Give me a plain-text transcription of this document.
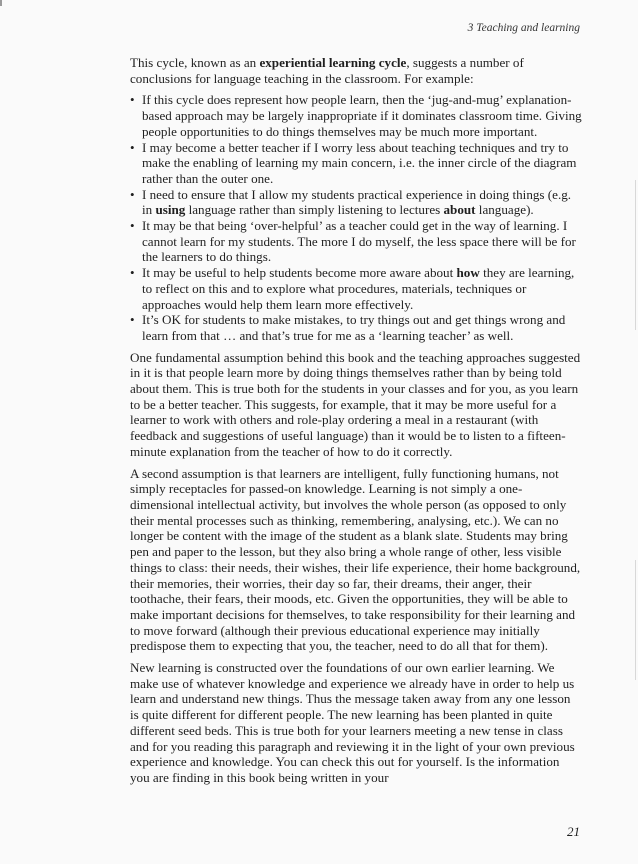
3 Teaching and learning

This cycle, known as an experiential learning cycle, suggests a number of conclusions for language teaching in the classroom. For example:

• If this cycle does represent how people learn, then the ‘jug-and-mug’ explanation-based approach may be largely inappropriate if it dominates classroom time. Giving people opportunities to do things themselves may be much more important.
• I may become a better teacher if I worry less about teaching techniques and try to make the enabling of learning my main concern, i.e. the inner circle of the diagram rather than the outer one.
• I need to ensure that I allow my students practical experience in doing things (e.g. in using language rather than simply listening to lectures about language).
• It may be that being ‘over-helpful’ as a teacher could get in the way of learning. I cannot learn for my students. The more I do myself, the less space there will be for the learners to do things.
• It may be useful to help students become more aware about how they are learning, to reflect on this and to explore what procedures, materials, techniques or approaches would help them learn more effectively.
• It’s OK for students to make mistakes, to try things out and get things wrong and learn from that … and that’s true for me as a ‘learning teacher’ as well.

One fundamental assumption behind this book and the teaching approaches suggested in it is that people learn more by doing things themselves rather than by being told about them. This is true both for the students in your classes and for you, as you learn to be a better teacher. This suggests, for example, that it may be more useful for a learner to work with others and role-play ordering a meal in a restaurant (with feedback and suggestions of useful language) than it would be to listen to a fifteen-minute explanation from the teacher of how to do it correctly.

A second assumption is that learners are intelligent, fully functioning humans, not simply receptacles for passed-on knowledge. Learning is not simply a one-dimensional intellectual activity, but involves the whole person (as opposed to only their mental processes such as thinking, remembering, analysing, etc.). We can no longer be content with the image of the student as a blank slate. Students may bring pen and paper to the lesson, but they also bring a whole range of other, less visible things to class: their needs, their wishes, their life experience, their home background, their memories, their worries, their day so far, their dreams, their anger, their toothache, their fears, their moods, etc. Given the opportunities, they will be able to make important decisions for themselves, to take responsibility for their learning and to move forward (although their previous educational experience may initially predispose them to expecting that you, the teacher, need to do all that for them).

New learning is constructed over the foundations of our own earlier learning. We make use of whatever knowledge and experience we already have in order to help us learn and understand new things. Thus the message taken away from any one lesson is quite different for different people. The new learning has been planted in quite different seed beds. This is true both for your learners meeting a new tense in class and for you reading this paragraph and reviewing it in the light of your own previous experience and knowledge. You can check this out for yourself. Is the information you are finding in this book being written in your

21
